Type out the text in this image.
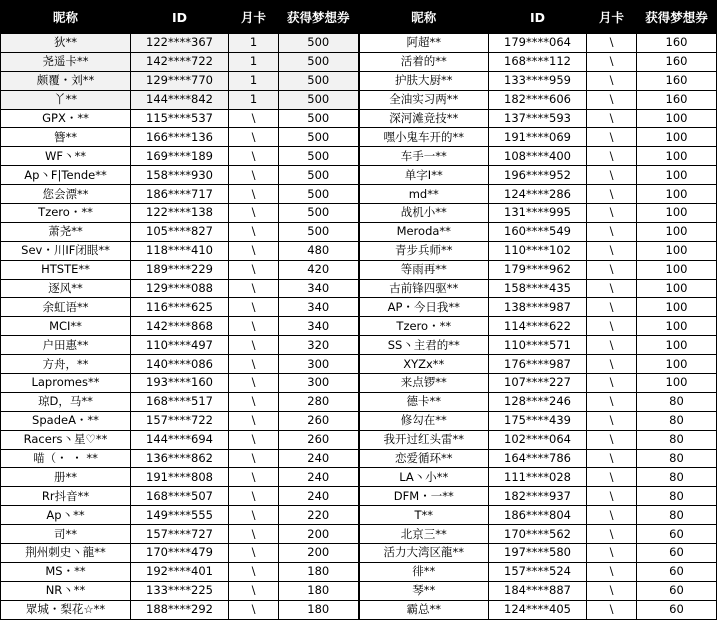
昵称	ID	月卡	获得梦想券	昵称	ID	月卡	获得梦想券
狄**	122****367	1	500	阿超**	179****064	\	160
尧遥卡**	142****722	1	500	活着的**	168****112	\	160
颇覆・刘**	129****770	1	500	护肤大厨**	133****959	\	160
丫**	144****842	1	500	全油实习两**	182****606	\	160
GPX・**	115****537	\	500	深河滩竞技**	137****593	\	100
簪**	166****136	\	500	嘿小鬼车开的**	191****069	\	100
WF丶**	169****189	\	500	车手一**	108****400	\	100
Ap丶F|Tende**	158****930	\	500	单字I**	196****952	\	100
您会漂**	186****717	\	500	md**	124****286	\	100
Tzero・**	122****138	\	500	战机小**	131****995	\	100
萧尧**	105****827	\	500	Meroda**	160****549	\	100
Sev・川IF闭眼**	118****410	\	480	青步兵师**	110****102	\	100
HTSTE**	189****229	\	420	等雨再**	179****962	\	100
逐风**	129****088	\	340	古前锋四驱**	158****435	\	100
余虹语**	116****625	\	340	AP・今日我**	138****987	\	100
MCI**	142****868	\	340	Tzero・**	114****622	\	100
户田惠**	110****497	\	320	SS丶主君的**	110****571	\	100
方舟，**	140****086	\	300	XYZx**	176****987	\	100
Lapromes**	193****160	\	300	来点锣**	107****227	\	100
琼D，马**	168****517	\	280	德卡**	128****246	\	80
SpadeA・**	157****722	\	260	修勾在**	175****439	\	80
Racers丶星♡**	144****694	\	260	我开过红头雷**	102****064	\	80
喵（・ ・ **	136****862	\	240	恋爱循环**	164****786	\	80
册**	191****808	\	240	LA丶小**	111****028	\	80
Rr抖音**	168****507	\	240	DFM・一**	182****937	\	80
Ap丶**	149****555	\	220	T**	186****804	\	80
司**	157****727	\	200	北京三**	170****562	\	60
荆州刺史丶龍**	170****479	\	200	活力大湾区龍**	197****580	\	60
MS・**	192****401	\	180	徘**	157****524	\	60
NR丶**	133****225	\	180	琴**	184****887	\	60
眾城・梨花☆**	188****292	\	180	霸总**	124****405	\	60
